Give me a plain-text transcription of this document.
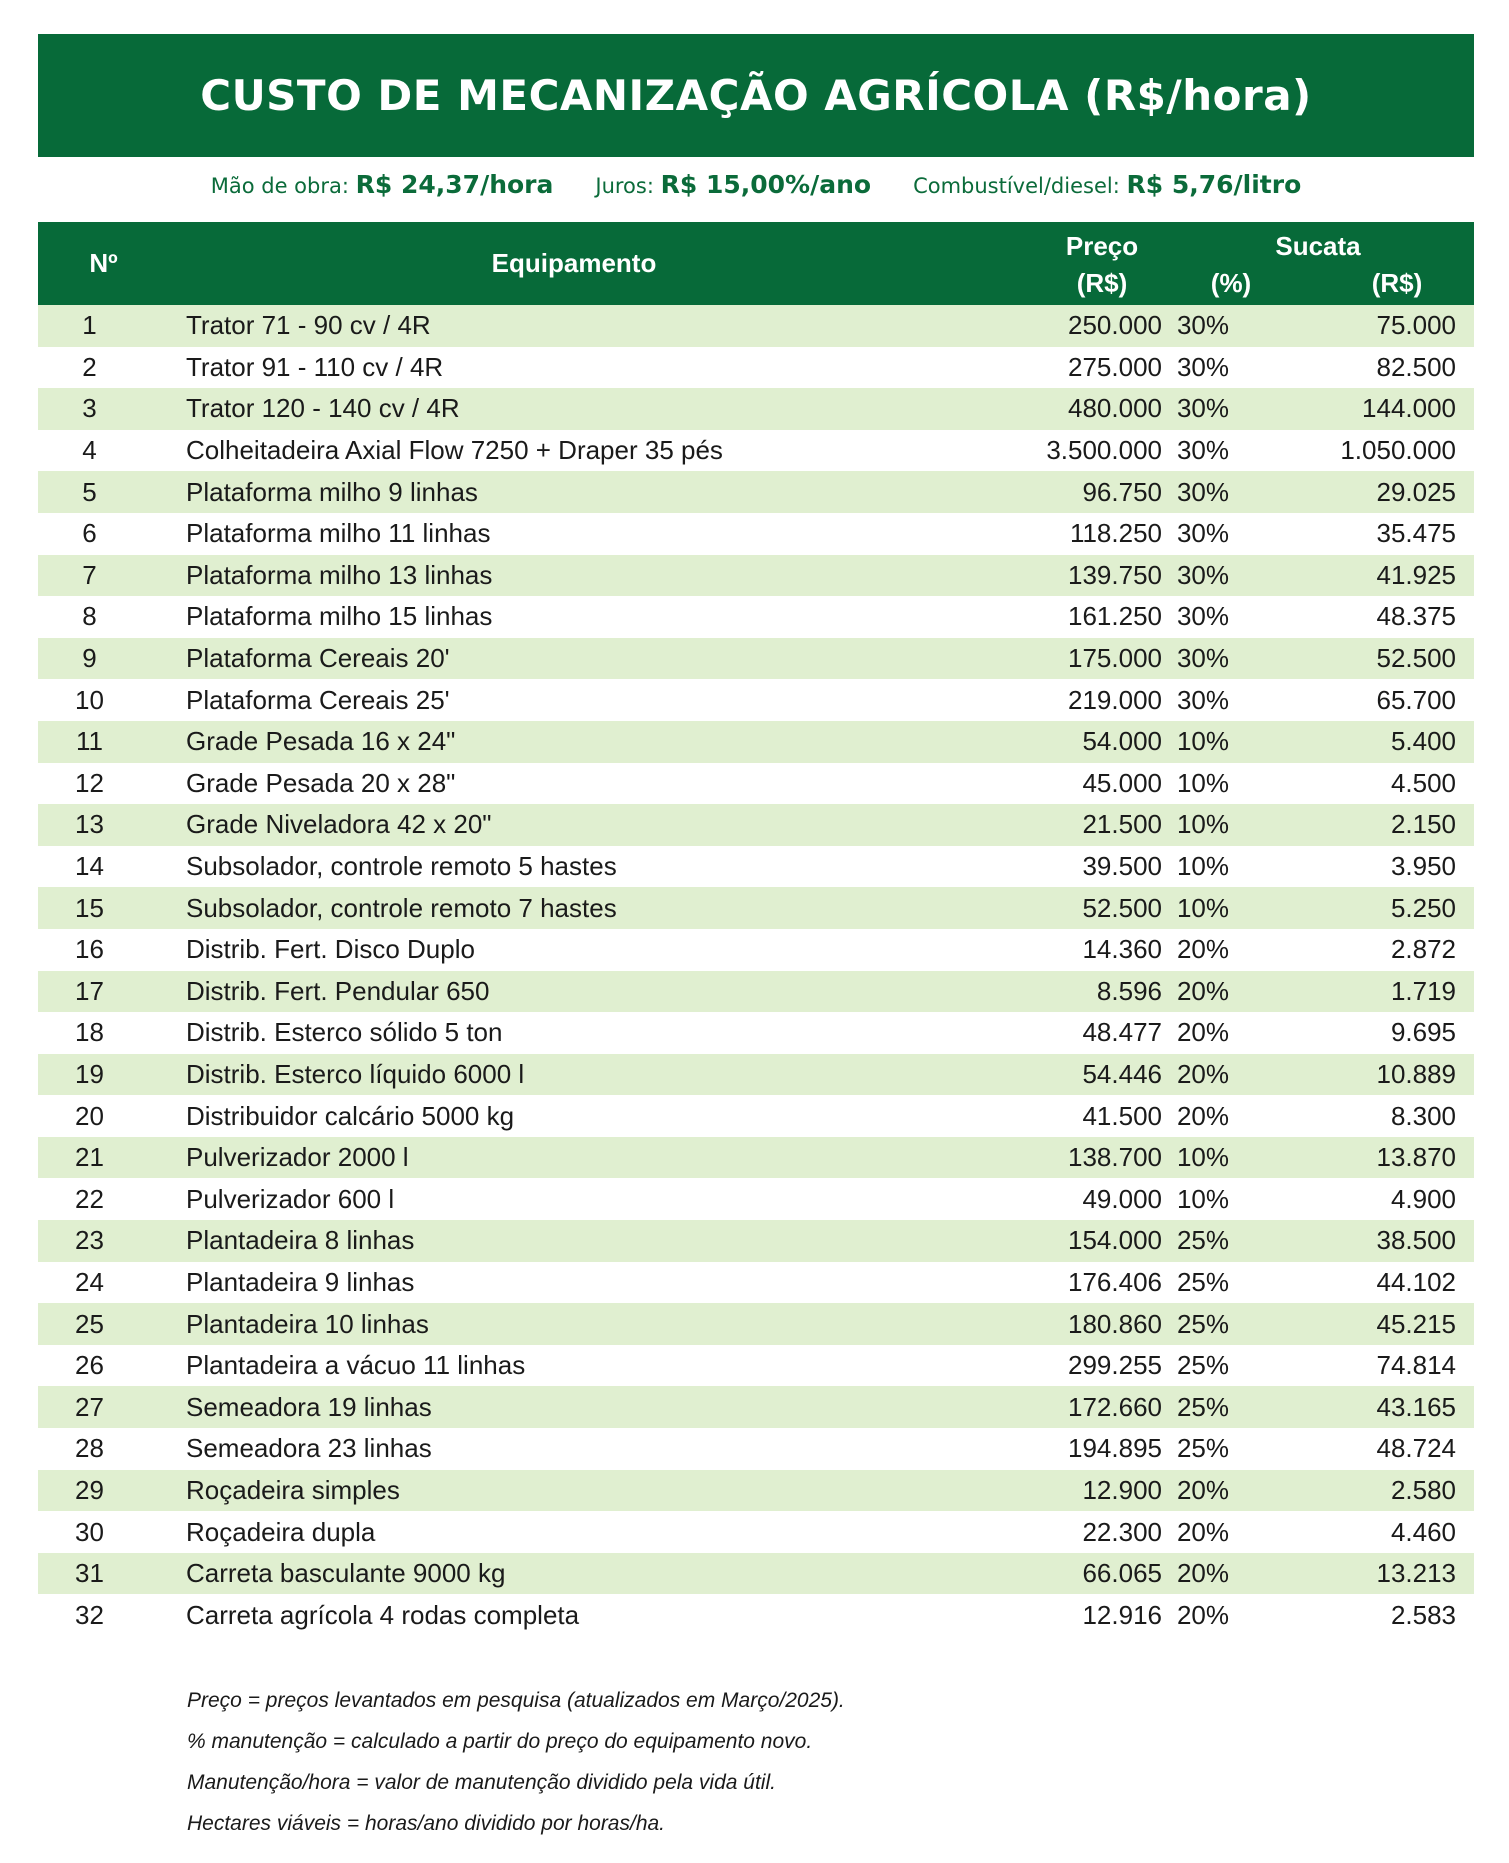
CUSTO DE MECANIZAÇÃO AGRÍCOLA (R$/hora)
Mão de obra: R$ 24,37/hora Juros: R$ 15,00%/ano Combustível/diesel: R$ 5,76/litro
Nº	Equipamento	Preço	Sucata	
		(R$)	(%)	(R$)
1	Trator 71 - 90 cv / 4R	250.000	30%	75.000
2	Trator 91 - 110 cv / 4R	275.000	30%	82.500
3	Trator 120 - 140 cv / 4R	480.000	30%	144.000
4	Colheitadeira Axial Flow 7250 + Draper 35 pés	3.500.000	30%	1.050.000
5	Plataforma milho 9 linhas	96.750	30%	29.025
6	Plataforma milho 11 linhas	118.250	30%	35.475
7	Plataforma milho 13 linhas	139.750	30%	41.925
8	Plataforma milho 15 linhas	161.250	30%	48.375
9	Plataforma Cereais 20'	175.000	30%	52.500
10	Plataforma Cereais 25'	219.000	30%	65.700
11	Grade Pesada 16 x 24"	54.000	10%	5.400
12	Grade Pesada 20 x 28"	45.000	10%	4.500
13	Grade Niveladora 42 x 20"	21.500	10%	2.150
14	Subsolador, controle remoto 5 hastes	39.500	10%	3.950
15	Subsolador, controle remoto 7 hastes	52.500	10%	5.250
16	Distrib. Fert. Disco Duplo	14.360	20%	2.872
17	Distrib. Fert. Pendular 650	8.596	20%	1.719
18	Distrib. Esterco sólido 5 ton	48.477	20%	9.695
19	Distrib. Esterco líquido 6000 l	54.446	20%	10.889
20	Distribuidor calcário 5000 kg	41.500	20%	8.300
21	Pulverizador 2000 l	138.700	10%	13.870
22	Pulverizador 600 l	49.000	10%	4.900
23	Plantadeira 8 linhas	154.000	25%	38.500
24	Plantadeira 9 linhas	176.406	25%	44.102
25	Plantadeira 10 linhas	180.860	25%	45.215
26	Plantadeira a vácuo 11 linhas	299.255	25%	74.814
27	Semeadora 19 linhas	172.660	25%	43.165
28	Semeadora 23 linhas	194.895	25%	48.724
29	Roçadeira simples	12.900	20%	2.580
30	Roçadeira dupla	22.300	20%	4.460
31	Carreta basculante 9000 kg	66.065	20%	13.213
32	Carreta agrícola 4 rodas completa	12.916	20%	2.583

Preço = preços levantados em pesquisa (atualizados em Março/2025).

% manutenção = calculado a partir do preço do equipamento novo.

Manutenção/hora = valor de manutenção dividido pela vida útil.

Hectares viáveis = horas/ano dividido por horas/ha.
